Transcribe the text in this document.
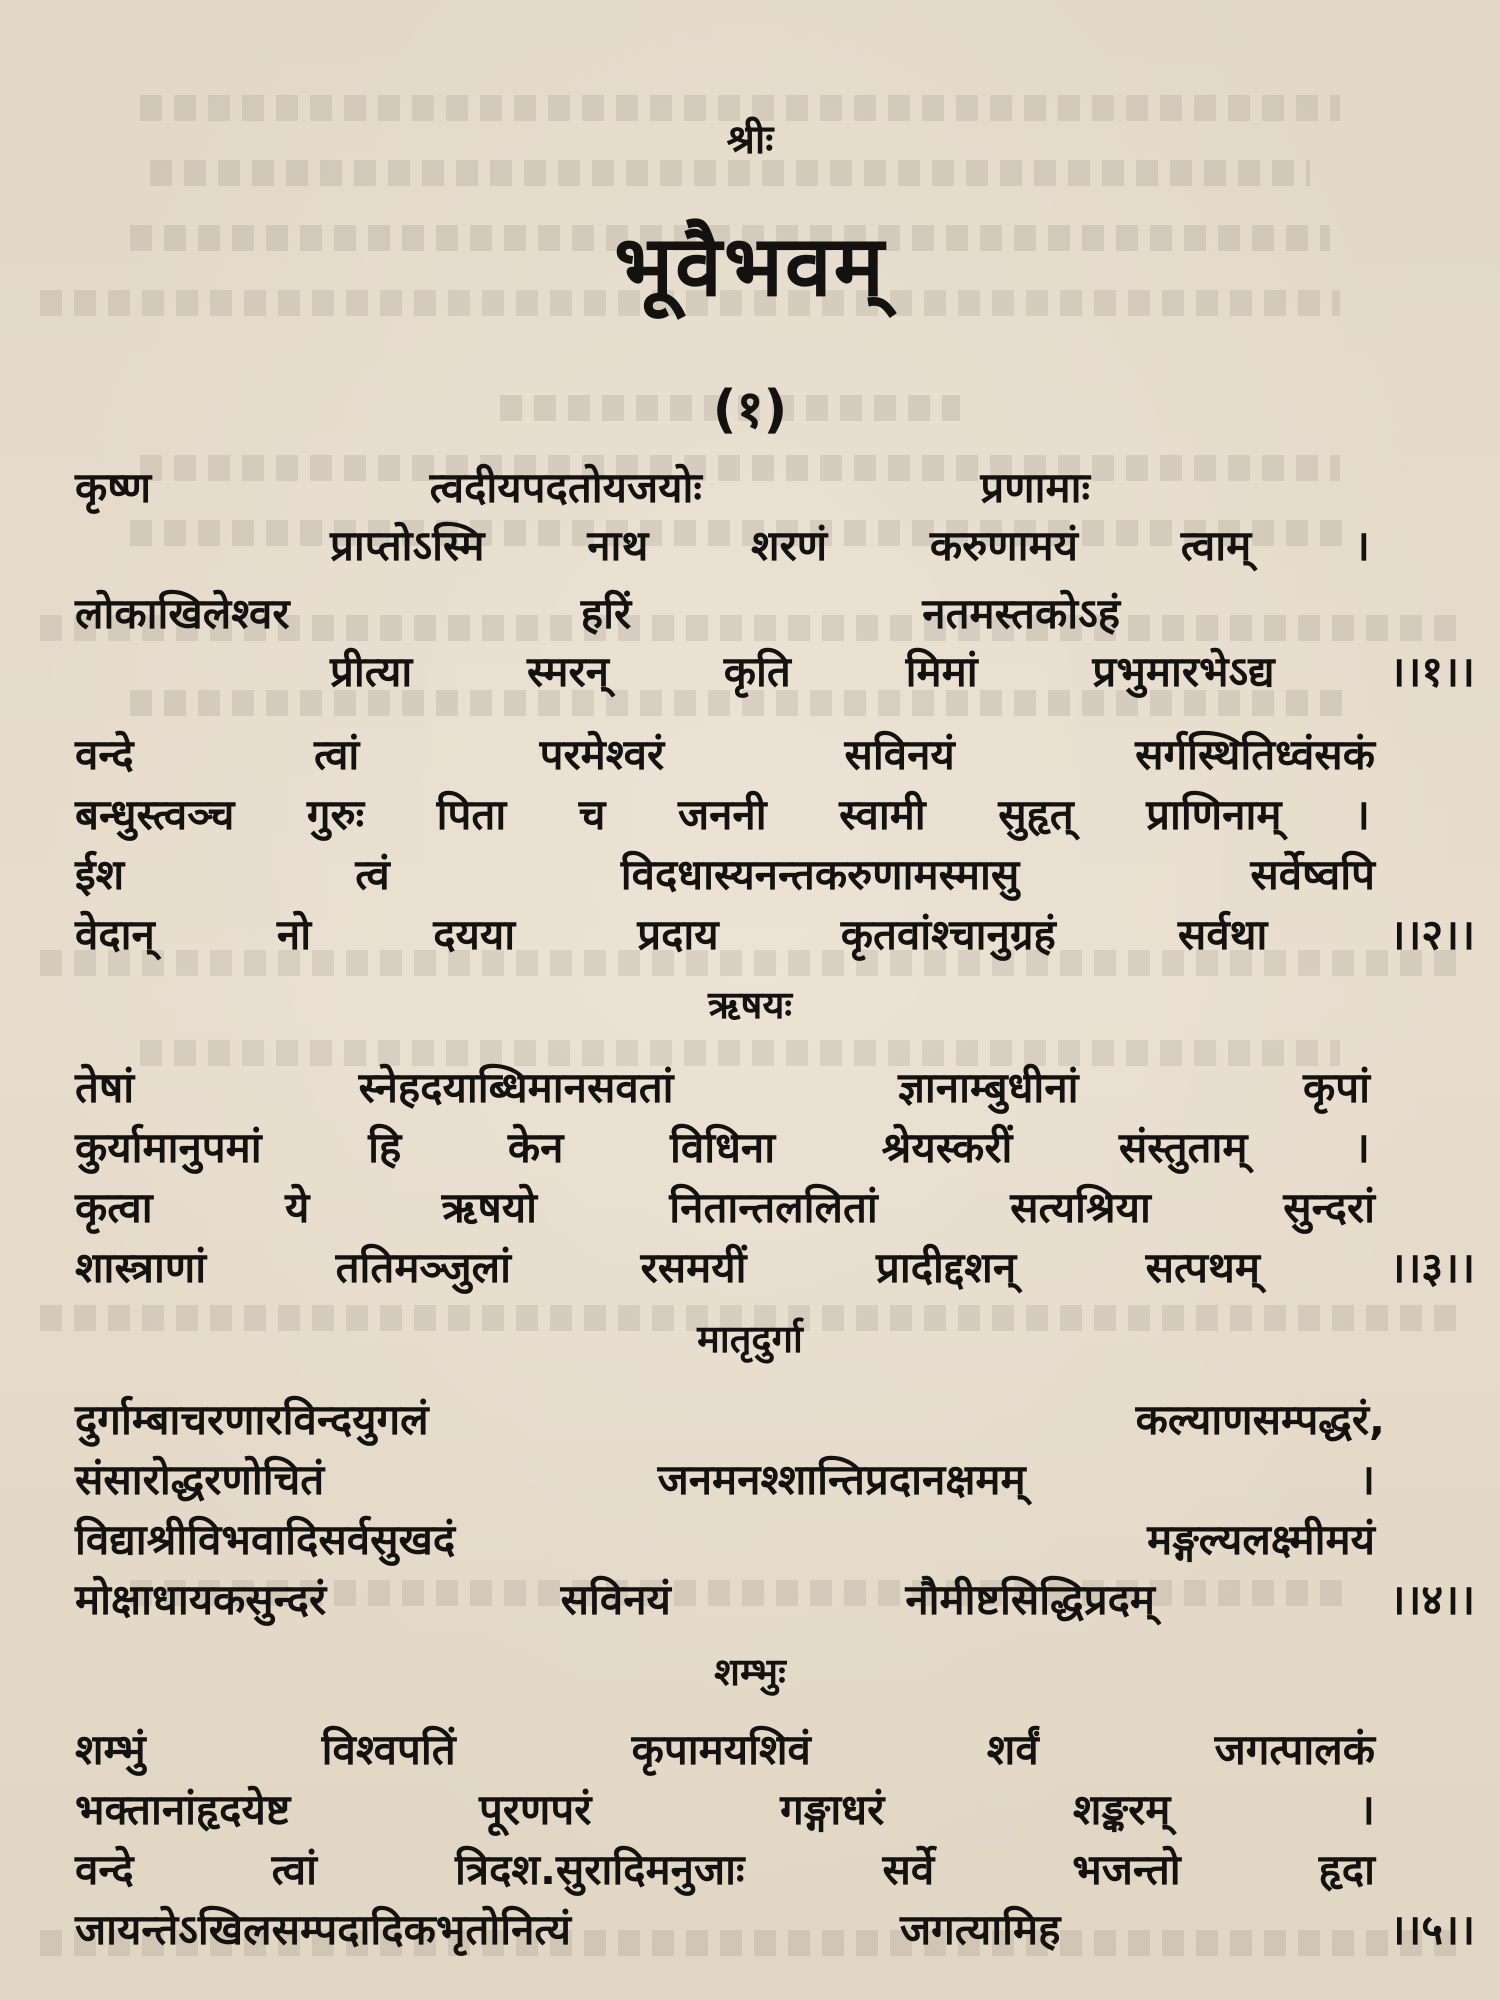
श्रीः
भूवैभवम्
(१)
कृष्ण	त्वदीयपदतोयजयोः	प्रणामाः
प्राप्तोऽस्मि नाथ शरणं करुणामयं त्वाम् ।
लोकाखिलेश्वर	हरिं	नतमस्तकोऽहं
प्रीत्या	स्मरन्	कृति	मिमां	प्रभुमारभेऽद्य	।।१।।
वन्दे	त्वां	परमेश्वरं	सविनयं	सर्गस्थितिध्वंसकं
बन्धुस्त्वञ्च गुरुः पिता च जननी स्वामी सुहृत् प्राणिनाम् ।
ईश	त्वं	विदधास्यनन्तकरुणामस्मासु	सर्वेष्वपि
वेदान्	नो	दयया	प्रदाय	कृतवांश्चानुग्रहं	सर्वथा	।।२।।
ऋषयः
तेषां	स्नेहदयाब्धिमानसवतां	ज्ञानाम्बुधीनां	कृपां
कुर्यामानुपमां	हि	केन	विधिना	श्रेयस्करीं	संस्तुताम्	।
कृत्वा	ये	ऋषयो	नितान्तललितां	सत्यश्रिया	सुन्दरां
शास्त्राणां	ततिमञ्जुलां	रसमयीं	प्रादीद्दशन्	सत्पथम्	।।३।।
मातृदुर्गा
दुर्गाम्बाचरणारविन्दयुगलं	कल्याणसम्पद्धरं,
संसारोद्धरणोचितं	जनमनश्शान्तिप्रदानक्षमम्	।
विद्याश्रीविभवादिसर्वसुखदं	मङ्गल्यलक्ष्मीमयं
मोक्षाधायकसुन्दरं	सविनयं	नौमीष्टसिद्धिप्रदम्	।।४।।
शम्भुः
शम्भुं	विश्वपतिं	कृपामयशिवं	शर्वं	जगत्पालकं
भक्तानांहृदयेष्ट	पूरणपरं	गङ्गाधरं	शङ्करम्	।
वन्दे	त्वां	त्रिदश.सुरादिमनुजाः	सर्वे	भजन्तो	हृदा
जायन्तेऽखिलसम्पदादिकभृतोनित्यं	जगत्यामिह	।।५।।
